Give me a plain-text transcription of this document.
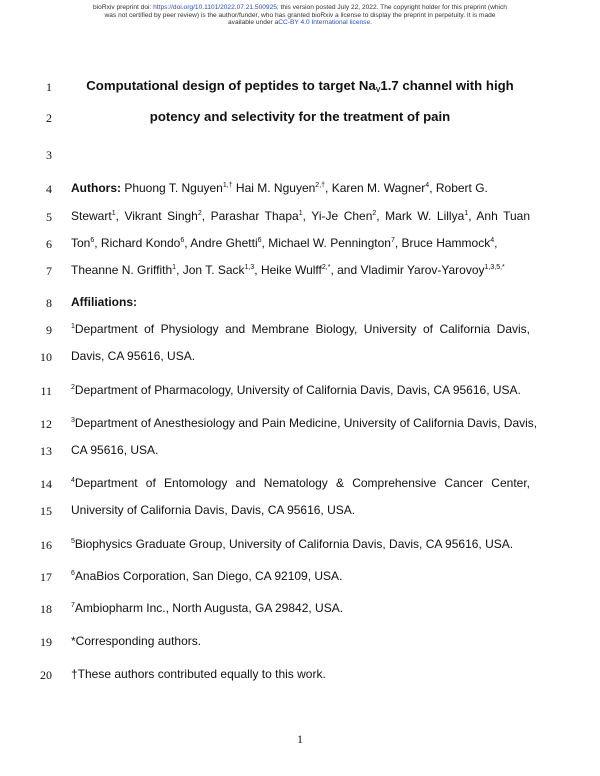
bioRxiv preprint doi: https://doi.org/10.1101/2022.07.21.500925; this version posted July 22, 2022. The copyright holder for this preprint (which
was not certified by peer review) is the author/funder, who has granted bioRxiv a license to display the preprint in perpetuity. It is made
available under aCC-BY 4.0 International license.
1
2
3
4
5
6
7
8
9
10
11
12
13
14
15
16
17
18
19
20
Computational design of peptides to target $Na_V1.7$ channel with high
potency and selectivity for the treatment of pain
Authors: Phuong T. Nguyen$^{1,\dagger}$ Hai M. Nguyen$^{2,\dagger}$, Karen M. Wagner$^4$, Robert G.
Stewart$^1$, Vikrant Singh$^2$, Parashar Thapa$^1$, Yi-Je Chen$^2$, Mark W. Lillya$^1$, Anh Tuan
Ton$^6$, Richard Kondo$^6$, Andre Ghetti$^6$, Michael W. Pennington$^7$, Bruce Hammock$^4$,
Theanne N. Griffith$^1$, Jon T. Sack$^{1,3}$, Heike Wulff$^{2,*}$, and Vladimir Yarov-Yarovoy$^{1,3,5,*}$
Affiliations:
$^1$Department of Physiology and Membrane Biology, University of California Davis,
Davis, CA 95616, USA.
$^2$Department of Pharmacology, University of California Davis, Davis, CA 95616, USA.
$^3$Department of Anesthesiology and Pain Medicine, University of California Davis, Davis,
CA 95616, USA.
$^4$Department of Entomology and Nematology & Comprehensive Cancer Center,
University of California Davis, Davis, CA 95616, USA.
$^5$Biophysics Graduate Group, University of California Davis, Davis, CA 95616, USA.
$^6$AnaBios Corporation, San Diego, CA 92109, USA.
$^7$Ambiopharm Inc., North Augusta, GA 29842, USA.
*Corresponding authors.
†These authors contributed equally to this work.
1
